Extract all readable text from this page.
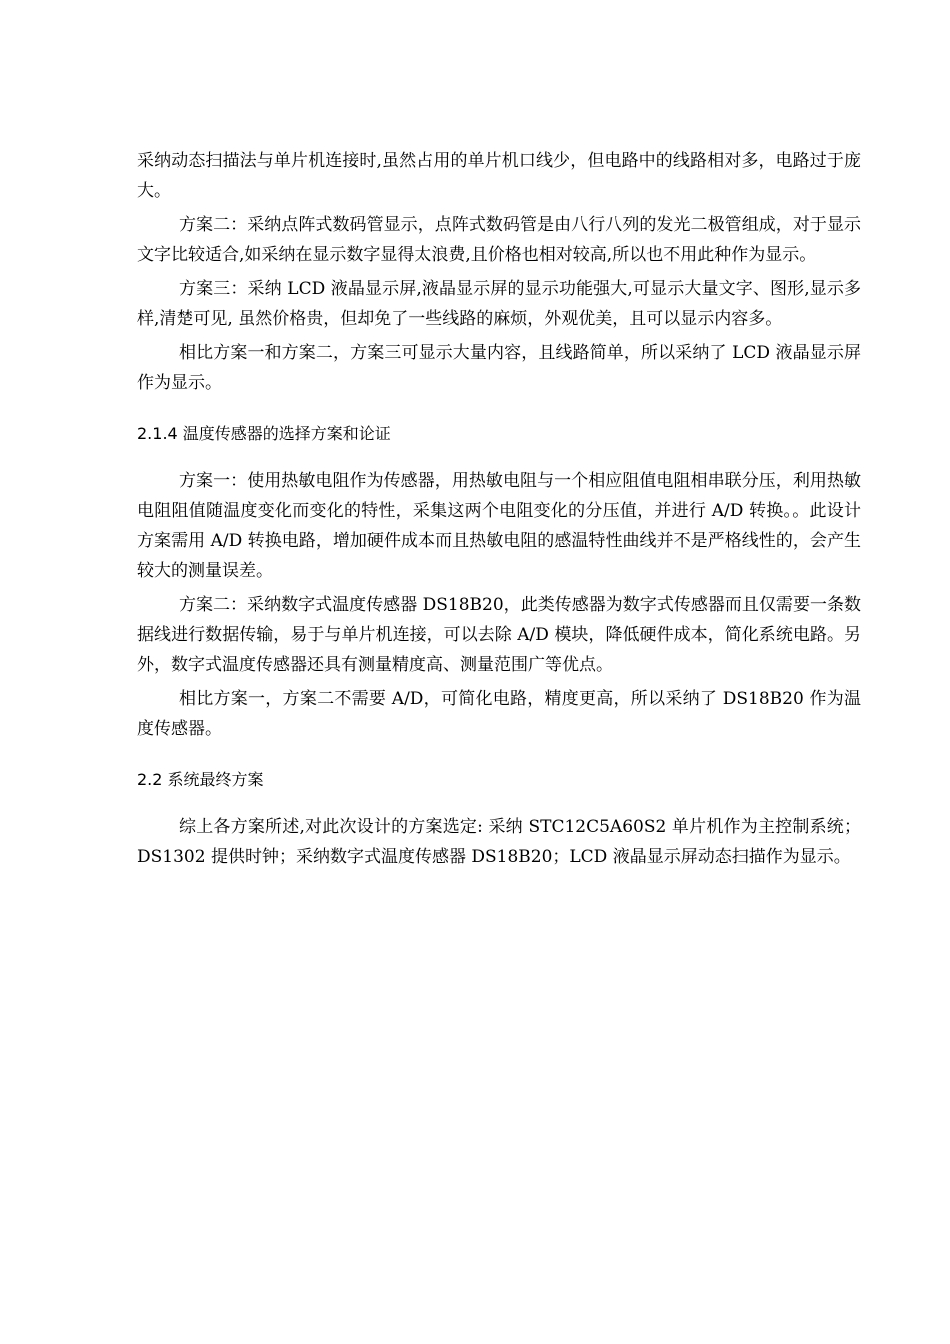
采纳动态扫描法与单片机连接时,虽然占用的单片机口线少，但电路中的线路相对多，电路过于庞大。

方案二：采纳点阵式数码管显示，点阵式数码管是由八行八列的发光二极管组成，对于显示文字比较适合,如采纳在显示数字显得太浪费,且价格也相对较高,所以也不用此种作为显示。

方案三：采纳 LCD 液晶显示屏,液晶显示屏的显示功能强大,可显示大量文字、图形,显示多样,清楚可见, 虽然价格贵，但却免了一些线路的麻烦，外观优美，且可以显示内容多。

相比方案一和方案二，方案三可显示大量内容，且线路简单，所以采纳了 LCD 液晶显示屏作为显示。

2.1.4 温度传感器的选择方案和论证

方案一：使用热敏电阻作为传感器，用热敏电阻与一个相应阻值电阻相串联分压，利用热敏电阻阻值随温度变化而变化的特性，采集这两个电阻变化的分压值，并进行 A/D 转换。。此设计方案需用 A/D 转换电路，增加硬件成本而且热敏电阻的感温特性曲线并不是严格线性的，会产生较大的测量误差。

方案二：采纳数字式温度传感器 DS18B20，此类传感器为数字式传感器而且仅需要一条数据线进行数据传输，易于与单片机连接，可以去除 A/D 模块，降低硬件成本，简化系统电路。另外，数字式温度传感器还具有测量精度高、测量范围广等优点。

相比方案一，方案二不需要 A/D，可简化电路，精度更高，所以采纳了 DS18B20 作为温度传感器。

2.2 系统最终方案

综上各方案所述,对此次设计的方案选定: 采纳 STC12C5A60S2 单片机作为主控制系统； DS1302 提供时钟；采纳数字式温度传感器 DS18B20；LCD 液晶显示屏动态扫描作为显示。
